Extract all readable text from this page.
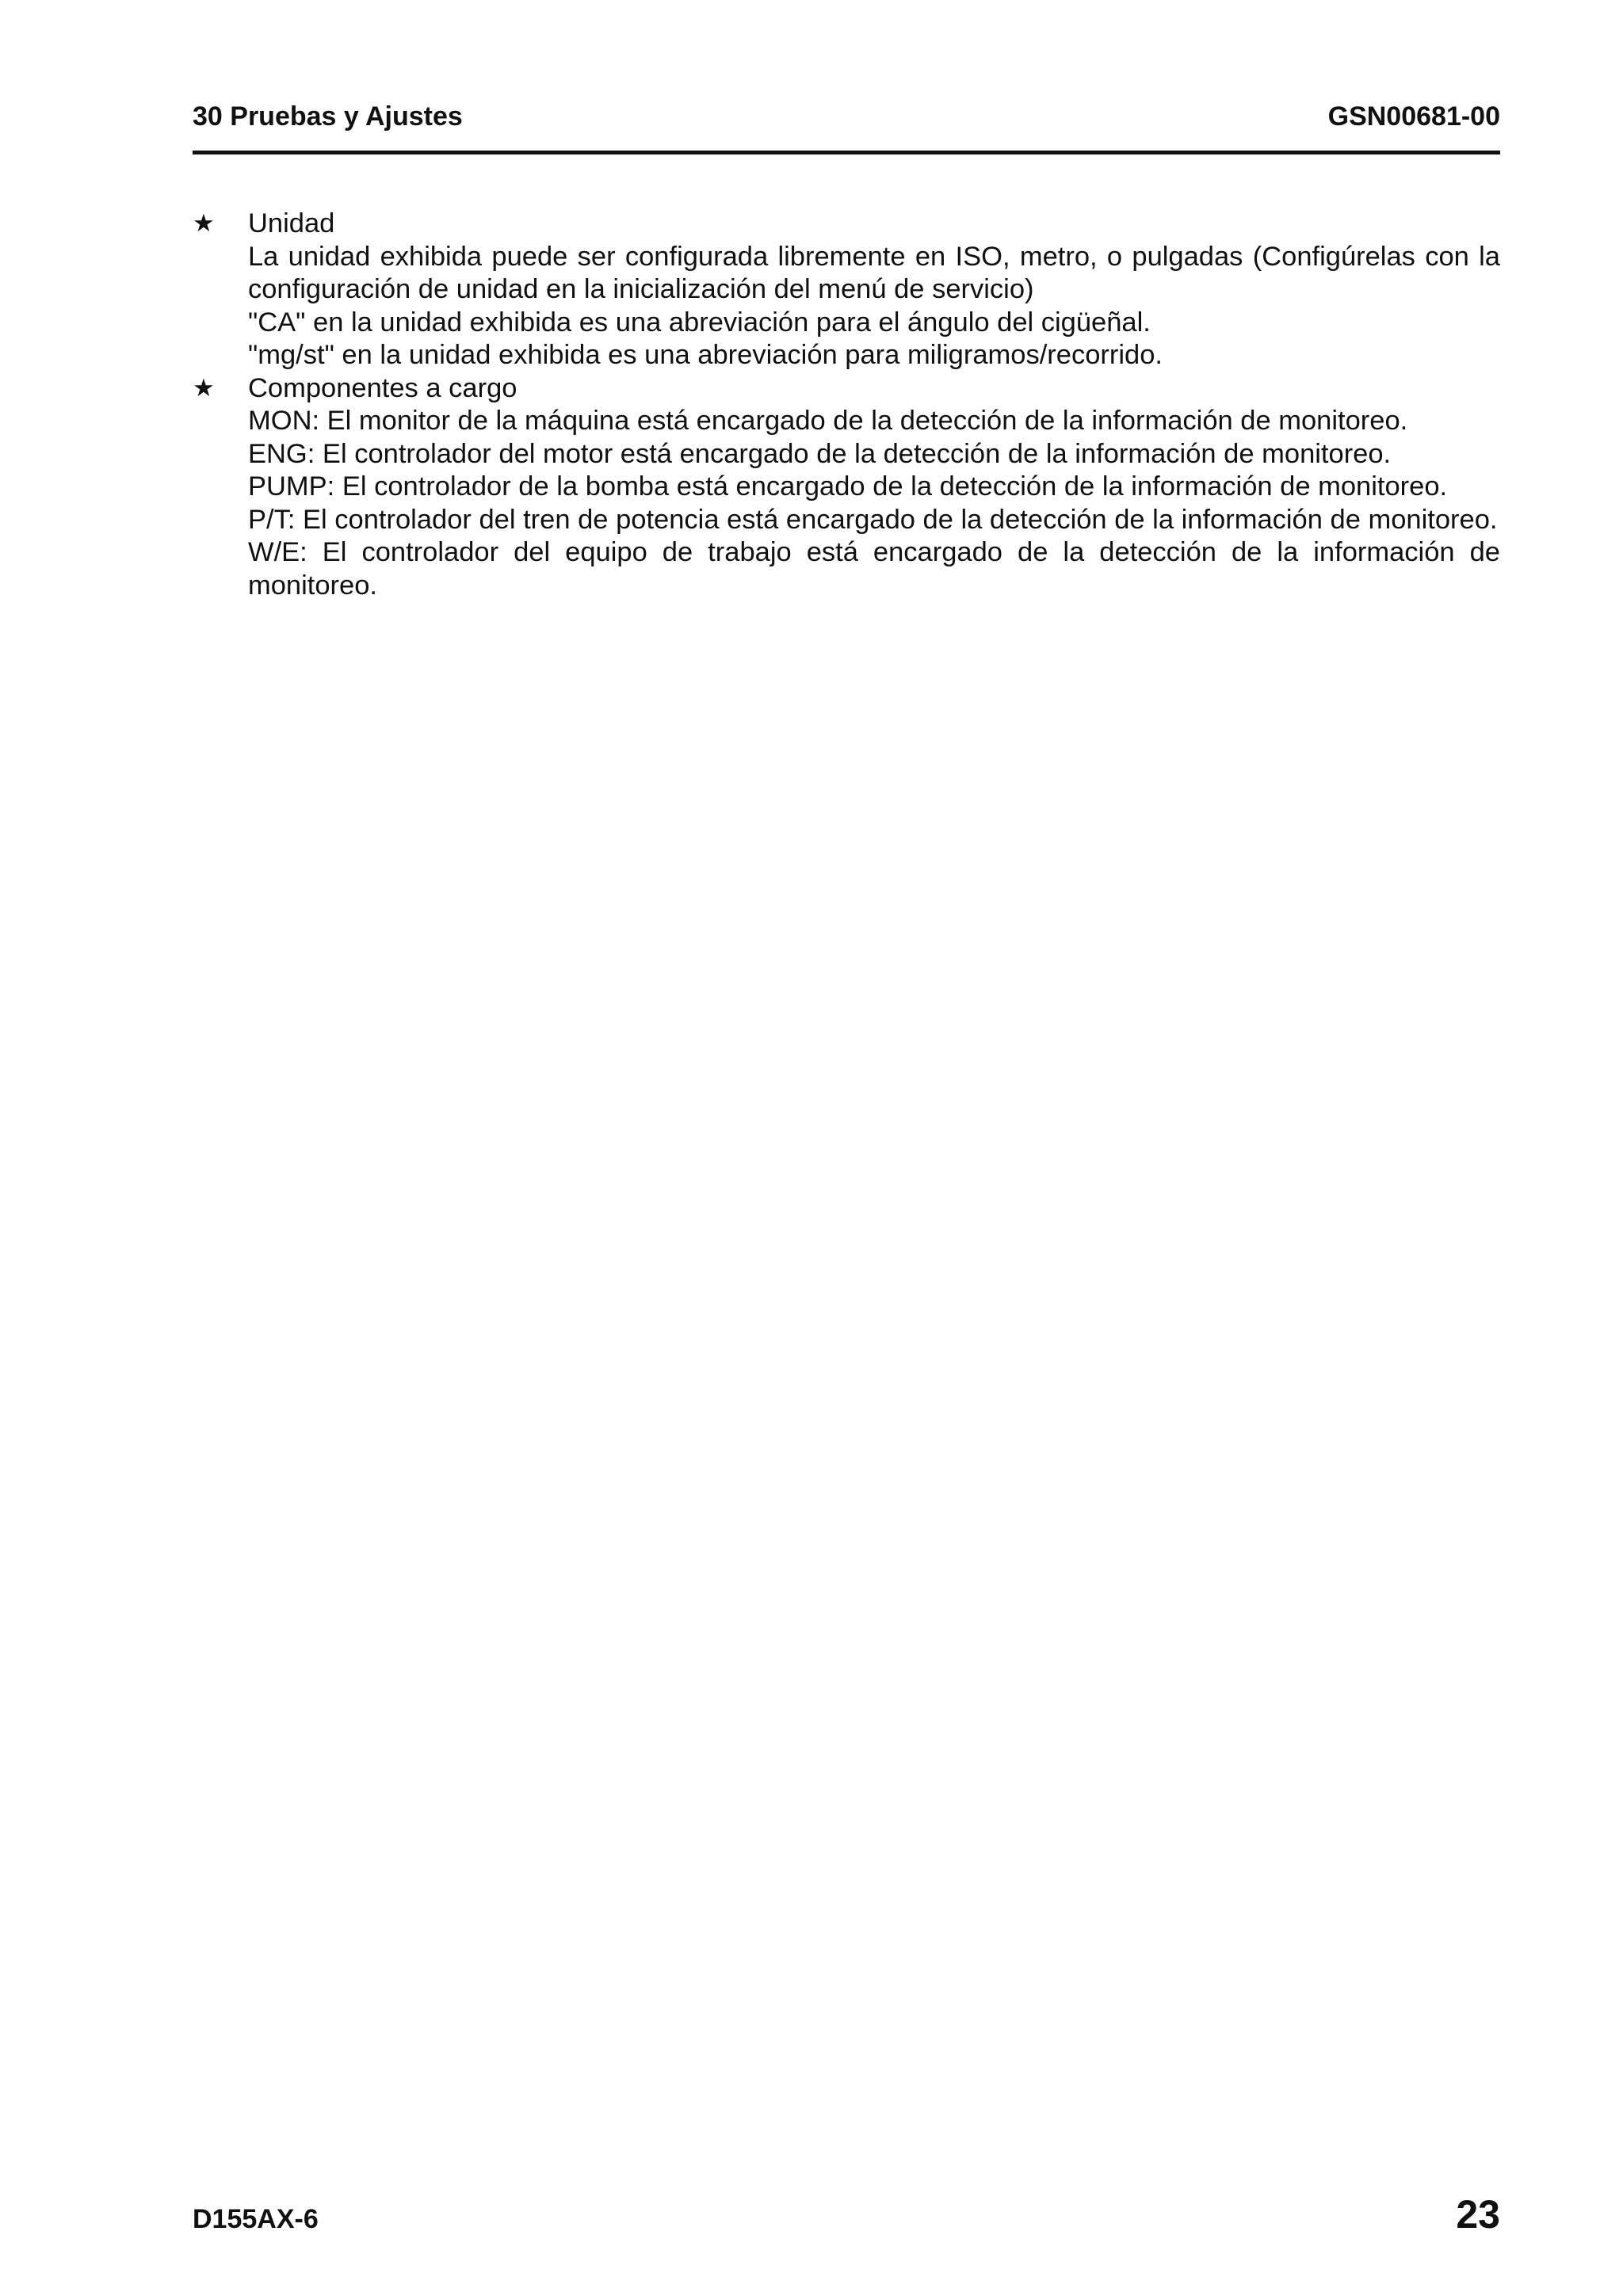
30 Pruebas y Ajustes	GSN00681-00
★ Unidad
La unidad exhibida puede ser configurada libremente en ISO, metro, o pulgadas (Configúrelas con la configuración de unidad en la inicialización del menú de servicio)
"CA" en la unidad exhibida es una abreviación para el ángulo del cigüeñal.
"mg/st" en la unidad exhibida es una abreviación para miligramos/recorrido.
★ Componentes a cargo
MON: El monitor de la máquina está encargado de la detección de la información de monitoreo.
ENG: El controlador del motor está encargado de la detección de la información de monitoreo.
PUMP: El controlador de la bomba está encargado de la detección de la información de monitoreo.
P/T: El controlador del tren de potencia está encargado de la detección de la información de monitoreo.
W/E: El controlador del equipo de trabajo está encargado de la detección de la información de monitoreo.
D155AX-6	23
